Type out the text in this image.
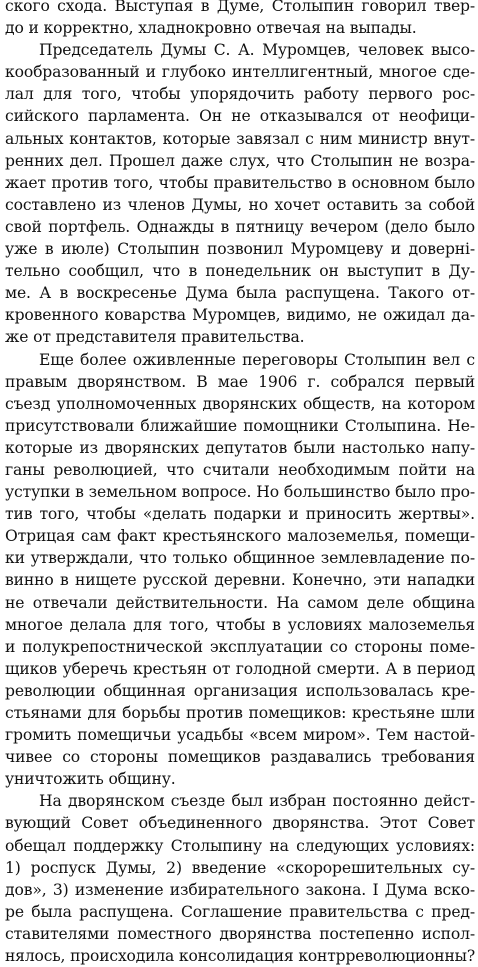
ского схода. Выступая в Думе, Столыпин говорил твер-
до и корректно, хладнокровно отвечая на выпады.
Председатель Думы С. А. Муромцев, человек высо-
кообразованный и глубоко интеллигентный, многое сде-
лал для того, чтобы упорядочить работу первого рос-
сийского парламента. Он не отказывался от неофици-
альных контактов, которые завязал с ним министр внут-
ренних дел. Прошел даже слух, что Столыпин не возра-
жает против того, чтобы правительство в основном было
составлено из членов Думы, но хочет оставить за собой
свой портфель. Однажды в пятницу вечером (дело было
уже в июле) Столыпин позвонил Муромцеву и доверні-
тельно сообщил, что в понедельник он выступит в Ду-
ме. А в воскресенье Дума была распущена. Такого от-
кровенного коварства Муромцев, видимо, не ожидал да-
же от представителя правительства.
Еще более оживленные переговоры Столыпин вел с
правым дворянством. В мае 1906 г. собрался первый
съезд уполномоченных дворянских обществ, на котором
присутствовали ближайшие помощники Столыпина. Не-
которые из дворянских депутатов были настолько напу-
ганы революцией, что считали необходимым пойти на
уступки в земельном вопросе. Но большинство было про-
тив того, чтобы «делать подарки и приносить жертвы».
Отрицая сам факт крестьянского малоземелья, помещи-
ки утверждали, что только общинное землевладение по-
винно в нищете русской деревни. Конечно, эти нападки
не отвечали действительности. На самом деле община
многое делала для того, чтобы в условиях малоземелья
и полукрепостнической эксплуатации со стороны поме-
щиков уберечь крестьян от голодной смерти. А в период
революции общинная организация использовалась кре-
стьянами для борьбы против помещиков: крестьяне шли
громить помещичьи усадьбы «всем миром». Тем настой-
чивее со стороны помещиков раздавались требования
уничтожить общину.
На дворянском съезде был избран постоянно дейст-
вующий Совет объединенного дворянства. Этот Совет
обещал поддержку Столыпину на следующих условиях:
1) роспуск Думы, 2) введение «скорорешительных су-
дов», 3) изменение избирательного закона. I Дума вско-
ре была распущена. Соглашение правительства с пред-
ставителями поместного дворянства постепенно испол-
нялось, происходила консолидация контрреволюционны?
